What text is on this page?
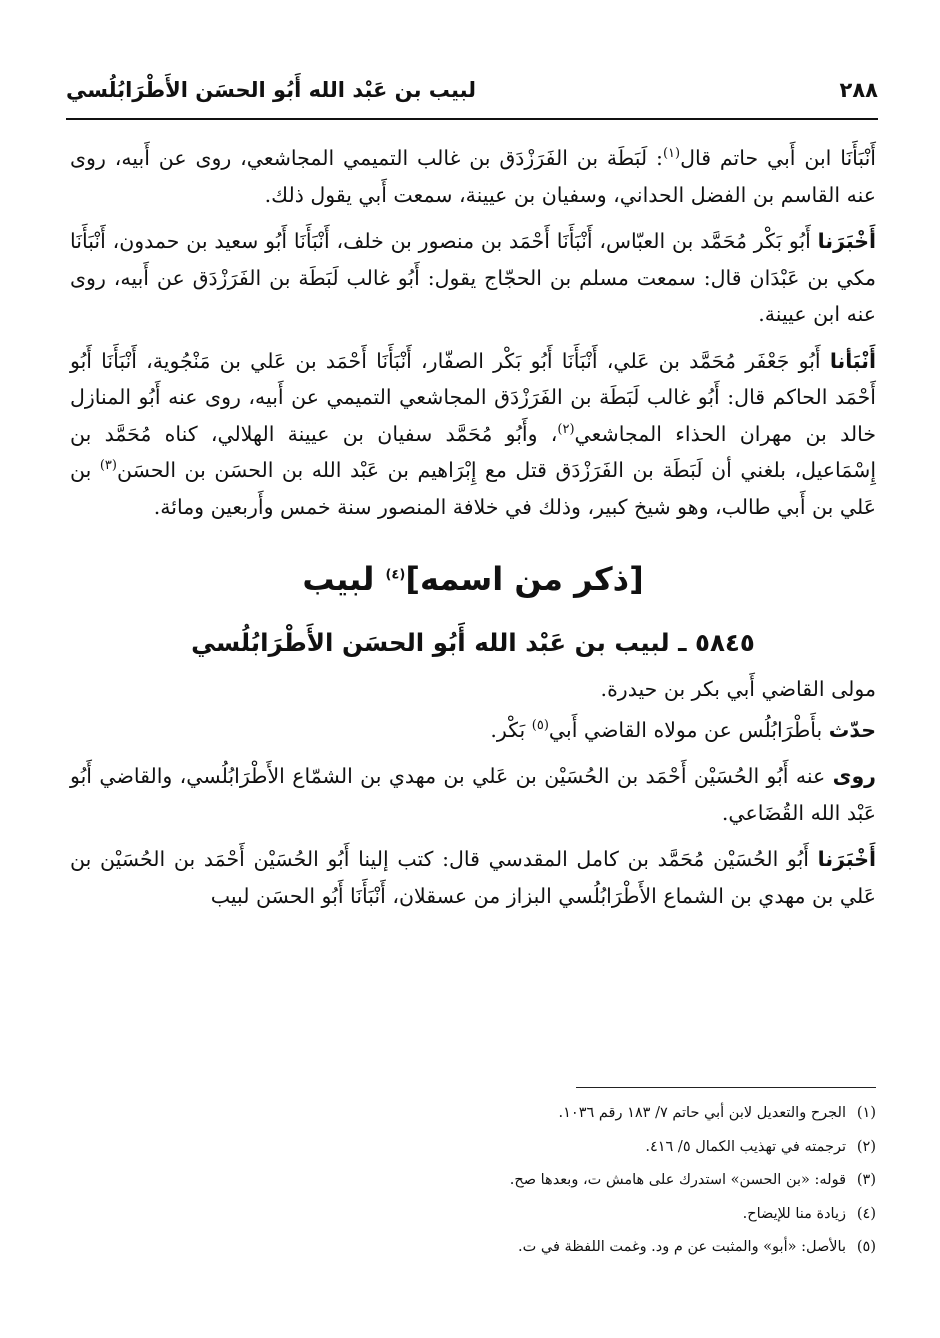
٢٨٨
لبيب بن عَبْد الله أَبُو الحسَن الأَطْرَابُلُسي

أَنْبَأَنَا ابن أَبي حاتم قال$^{(١)}$: لَبَطَة بن الفَرَزْدَق بن غالب التميمي المجاشعي، روى عن أَبيه، روى عنه القاسم بن الفضل الحداني، وسفيان بن عيينة، سمعت أَبي يقول ذلك.

أَخْبَرَنا أَبُو بَكْر مُحَمَّد بن العبّاس، أَنْبَأَنَا أَحْمَد بن منصور بن خلف، أَنْبَأَنَا أَبُو سعيد بن حمدون، أَنْبَأَنَا مكي بن عَبْدَان قال: سمعت مسلم بن الحجّاج يقول: أَبُو غالب لَبَطَة بن الفَرَزْدَق عن أَبيه، روى عنه ابن عيينة.

أَنْبَأنا أَبُو جَعْفَر مُحَمَّد بن عَلي، أَنْبَأَنَا أَبُو بَكْر الصفّار، أَنْبَأَنَا أَحْمَد بن عَلي بن مَنْجُوية، أَنْبَأَنَا أَبُو أَحْمَد الحاكم قال: أَبُو غالب لَبَطَة بن الفَرَزْدَق المجاشعي التميمي عن أَبيه، روى عنه أَبُو المنازل خالد بن مهران الحذاء المجاشعي$^{(٢)}$، وأَبُو مُحَمَّد سفيان بن عيينة الهلالي، كناه مُحَمَّد بن إِسْمَاعيل، بلغني أن لَبَطَة بن الفَرَزْدَق قتل مع إِبْرَاهيم بن عَبْد الله بن الحسَن بن الحسَن$^{(٣)}$ بن عَلي بن أَبي طالب، وهو شيخ كبير، وذلك في خلافة المنصور سنة خمس وأَربعين ومائة.

[ذكر من اسمه]$^{(٤)}$ لبيب
٥٨٤٥ ـ لبيب بن عَبْد الله أَبُو الحسَن الأَطْرَابُلُسي

مولى القاضي أَبي بكر بن حيدرة.

حدّث بأَطْرَابُلُس عن مولاه القاضي أَبي$^{(٥)}$ بَكْر.

روى عنه أَبُو الحُسَيْن أَحْمَد بن الحُسَيْن بن عَلي بن مهدي بن الشمّاع الأَطْرَابُلُسي، والقاضي أَبُو عَبْد الله القُضَاعي.

أَخْبَرَنا أَبُو الحُسَيْن مُحَمَّد بن كامل المقدسي قال: كتب إلينا أَبُو الحُسَيْن أَحْمَد بن الحُسَيْن بن عَلي بن مهدي بن الشماع الأَطْرَابُلُسي البزاز من عسقلان، أَنْبَأَنَا أَبُو الحسَن لبيب

(١)
الجرح والتعديل لابن أبي حاتم ٧/ ١٨٣ رقم ١٠٣٦.
(٢)
ترجمته في تهذيب الكمال ٥/ ٤١٦.
(٣)
قوله: «بن الحسن» استدرك على هامش ت، وبعدها صح.
(٤)
زيادة منا للإيضاح.
(٥)
بالأصل: «أبو» والمثبت عن م ود. وغمت اللفظة في ت.
